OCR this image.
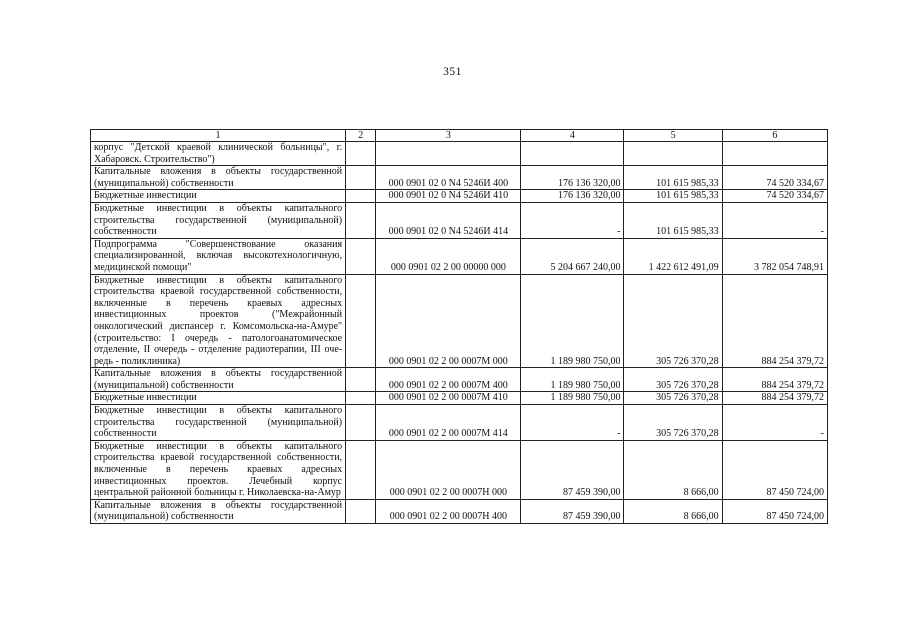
351
1	2	3	4	5	6
корпус "Детской краевой клинической больницы", г. Хабаровск. Строительство")					
Капитальные вложения в объекты государственной (муниципальной) собственности		000 0901 02 0 N4 5246И 400	176 136 320,00	101 615 985,33	74 520 334,67
Бюджетные инвестиции		000 0901 02 0 N4 5246И 410	176 136 320,00	101 615 985,33	74 520 334,67
Бюджетные инвестиции в объекты капитального строительства государственной (муниципальной) собственности		000 0901 02 0 N4 5246И 414	-	101 615 985,33	-
Подпрограмма "Совершенствование оказания специализированной, включая высокотехнологичную, медицинской помощи"		000 0901 02 2 00 00000 000	5 204 667 240,00	1 422 612 491,09	3 782 054 748,91
Бюджетные инвестиции в объекты капитального строительства краевой государственной собственности, включенные в перечень краевых адресных инвестиционных проектов ("Межрайонный онкологический диспансер г. Комсомольска-на-Амуре" (строительство: I очередь - патологоанатомическое отделение, II очередь - отделение радиотерапии, III очередь - поликлиника)		000 0901 02 2 00 0007М 000	1 189 980 750,00	305 726 370,28	884 254 379,72
Капитальные вложения в объекты государственной (муниципальной) собственности		000 0901 02 2 00 0007М 400	1 189 980 750,00	305 726 370,28	884 254 379,72
Бюджетные инвестиции		000 0901 02 2 00 0007М 410	1 189 980 750,00	305 726 370,28	884 254 379,72
Бюджетные инвестиции в объекты капитального строительства государственной (муниципальной) собственности		000 0901 02 2 00 0007М 414	-	305 726 370,28	-
Бюджетные инвестиции в объекты капитального строительства краевой государственной собственности, включенные в перечень краевых адресных инвестиционных проектов. Лечебный корпус центральной районной больницы г. Николаевска-на-Амур		000 0901 02 2 00 0007Н 000	87 459 390,00	8 666,00	87 450 724,00
Капитальные вложения в объекты государственной (муниципальной) собственности		000 0901 02 2 00 0007Н 400	87 459 390,00	8 666,00	87 450 724,00
